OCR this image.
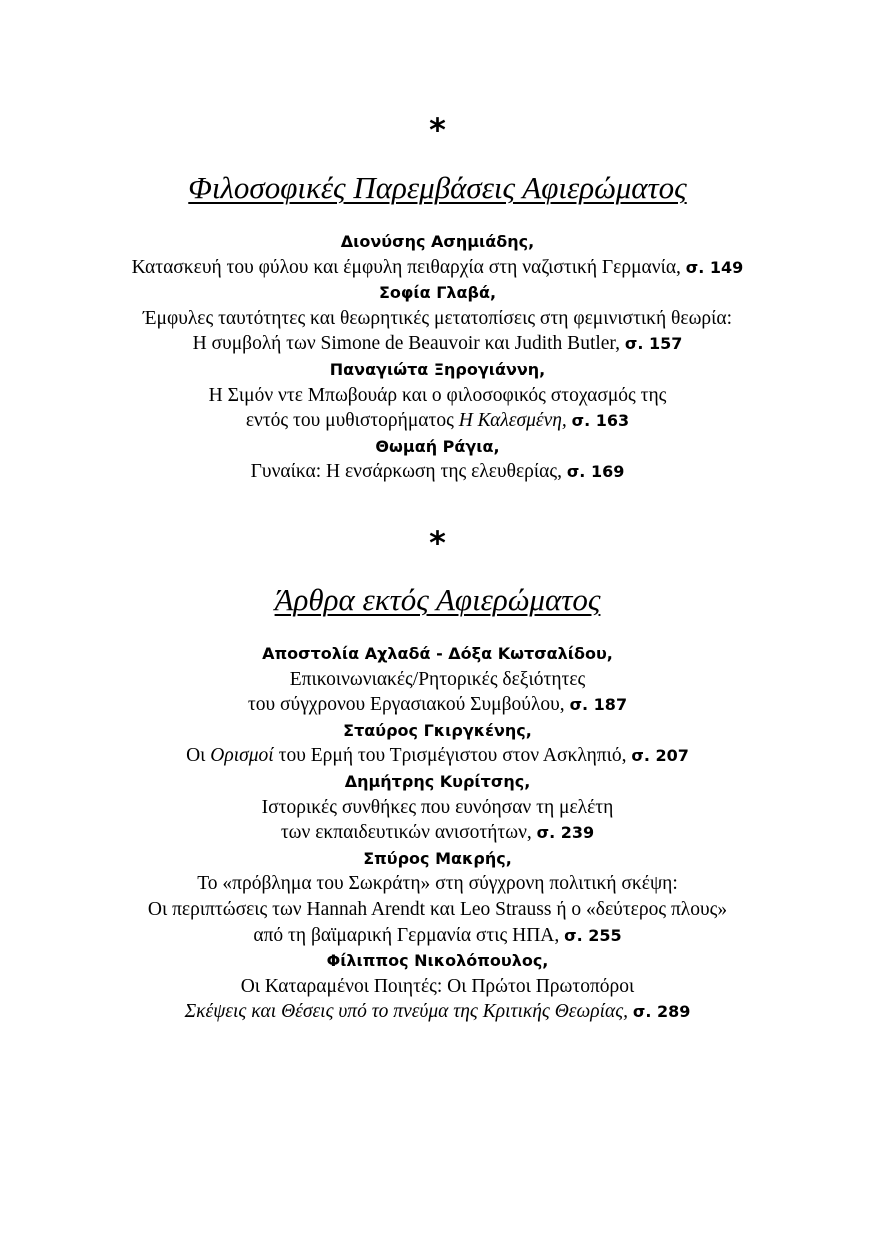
*
Φιλοσοφικές Παρεμβάσεις Αφιερώματος
Διονύσης Ασημιάδης,
Κατασκευή του φύλου και έμφυλη πειθαρχία στη ναζιστική Γερμανία, σ. 149
Σοφία Γλαβά,
Έμφυλες ταυτότητες και θεωρητικές μετατοπίσεις στη φεμινιστική θεωρία:
Η συμβολή των Simone de Beauvoir και Judith Butler, σ. 157
Παναγιώτα Ξηρογιάννη,
Η Σιμόν ντε Μπωβουάρ και ο φιλοσοφικός στοχασμός της
εντός του μυθιστορήματος Η Καλεσμένη, σ. 163
Θωμαή Ράγια,
Γυναίκα: Η ενσάρκωση της ελευθερίας, σ. 169
*
Άρθρα εκτός Αφιερώματος
Αποστολία Αχλαδά - Δόξα Κωτσαλίδου,
Επικοινωνιακές/Ρητορικές δεξιότητες
του σύγχρονου Εργασιακού Συμβούλου, σ. 187
Σταύρος Γκιργκένης,
Οι Ορισμοί του Ερμή του Τρισμέγιστου στον Ασκληπιό, σ. 207
Δημήτρης Κυρίτσης,
Ιστορικές συνθήκες που ευνόησαν τη μελέτη
των εκπαιδευτικών ανισοτήτων, σ. 239
Σπύρος Μακρής,
Το «πρόβλημα του Σωκράτη» στη σύγχρονη πολιτική σκέψη:
Οι περιπτώσεις των Hannah Arendt και Leo Strauss ή ο «δεύτερος πλους»
από τη βαϊμαρική Γερμανία στις ΗΠΑ, σ. 255
Φίλιππος Νικολόπουλος,
Οι Καταραμένοι Ποιητές: Οι Πρώτοι Πρωτοπόροι
Σκέψεις και Θέσεις υπό το πνεύμα της Κριτικής Θεωρίας, σ. 289
